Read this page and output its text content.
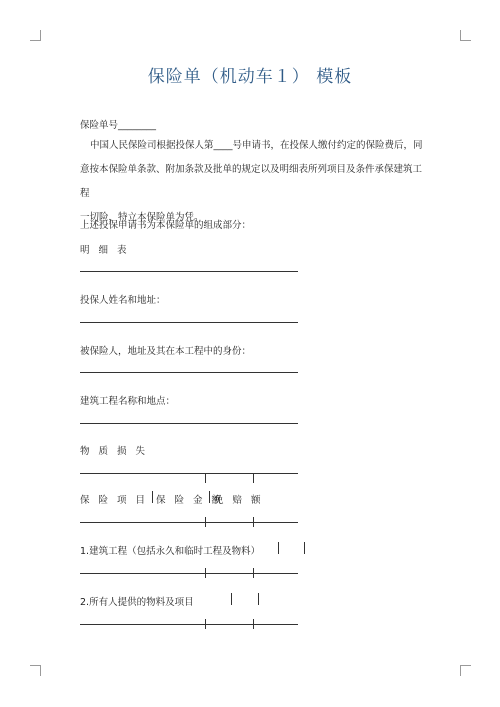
保险单（机动车１） 模板
保险单号________
中国人民保险司根据投保人第____号申请书，在投保人缴付约定的保险费后，同
意按本保险单条款、附加条款及批单的规定以及明细表所列项目及条件承保建筑工程
一切险，特立本保险单为凭。
上述投保申请书为本保险单的组成部分：
明 细 表
投保人姓名和地址：
被保险人，地址及其在本工程中的身份：
建筑工程名称和地点：
物 质 损 失
保 险 项 目 保 险 金 额
免 赔 额
1.建筑工程（包括永久和临时工程及物料）
2.所有人提供的物料及项目
